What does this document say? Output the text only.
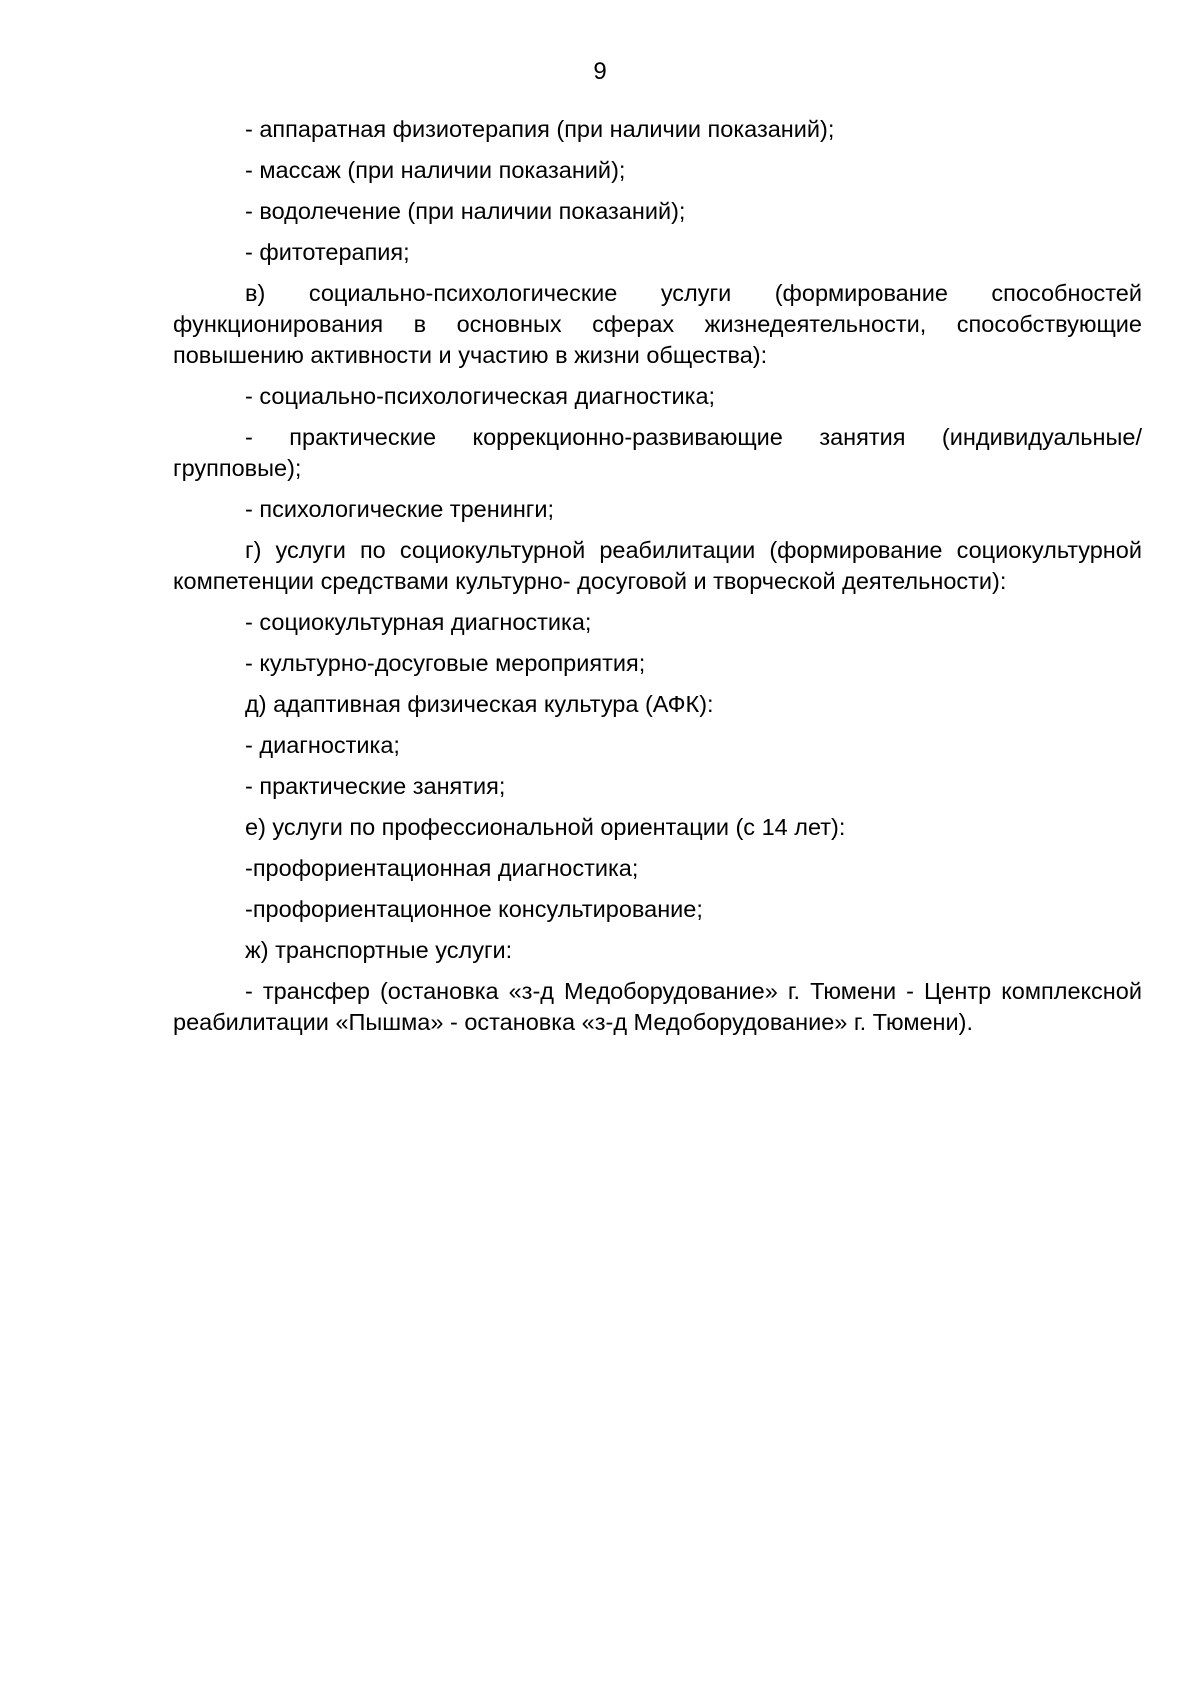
9

- аппаратная физиотерапия (при наличии показаний);

- массаж (при наличии показаний);

- водолечение (при наличии показаний);

- фитотерапия;

в) социально-психологические услуги (формирование способностей функционирования в основных сферах жизнедеятельности, способствующие повышению активности и участию в жизни общества):

- социально-психологическая диагностика;

- практические коррекционно-развивающие занятия (индивидуальные/групповые);

- психологические тренинги;

г) услуги по социокультурной реабилитации (формирование социокультурной компетенции средствами культурно- досуговой и творческой деятельности):

- социокультурная диагностика;

- культурно-досуговые мероприятия;

д) адаптивная физическая культура (АФК):

- диагностика;

- практические занятия;

е) услуги по профессиональной ориентации (с 14 лет):

-профориентационная диагностика;

-профориентационное консультирование;

ж) транспортные услуги:

- трансфер (остановка «з-д Медоборудование» г. Тюмени - Центр комплексной реабилитации «Пышма» - остановка «з-д Медоборудование» г. Тюмени).
